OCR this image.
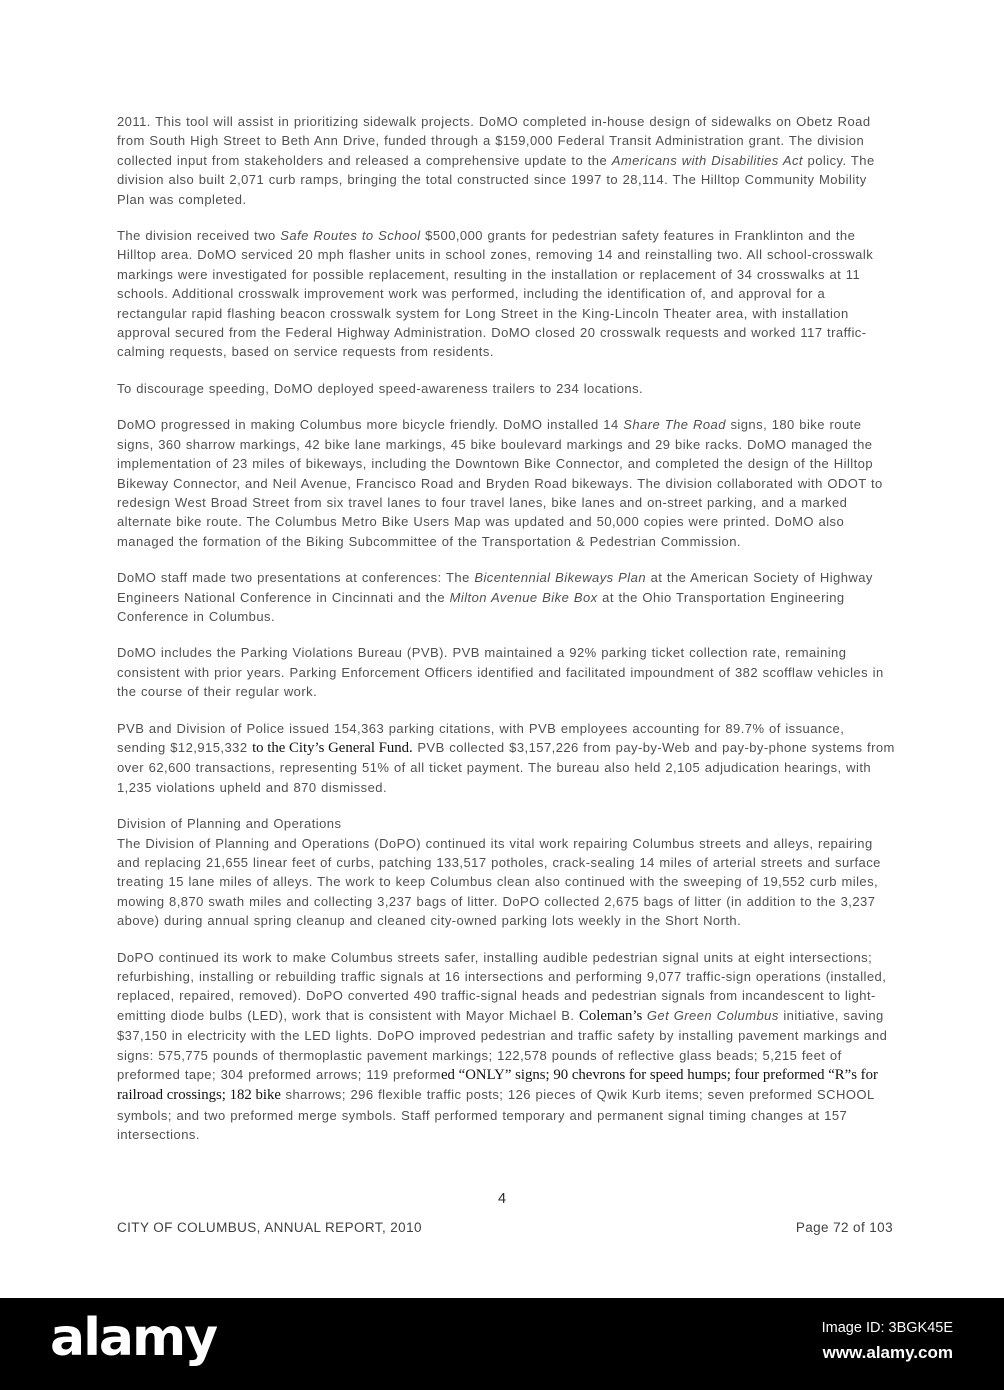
2011. This tool will assist in prioritizing sidewalk projects. DoMO completed in-house design of sidewalks on Obetz Road from South High Street to Beth Ann Drive, funded through a $159,000 Federal Transit Administration grant. The division collected input from stakeholders and released a comprehensive update to the Americans with Disabilities Act policy. The division also built 2,071 curb ramps, bringing the total constructed since 1997 to 28,114. The Hilltop Community Mobility Plan was completed.

The division received two Safe Routes to School $500,000 grants for pedestrian safety features in Franklinton and the Hilltop area. DoMO serviced 20 mph flasher units in school zones, removing 14 and reinstalling two. All school-crosswalk markings were investigated for possible replacement, resulting in the installation or replacement of 34 crosswalks at 11 schools. Additional crosswalk improvement work was performed, including the identification of, and approval for a rectangular rapid flashing beacon crosswalk system for Long Street in the King-Lincoln Theater area, with installation approval secured from the Federal Highway Administration. DoMO closed 20 crosswalk requests and worked 117 traffic-calming requests, based on service requests from residents.

To discourage speeding, DoMO deployed speed-awareness trailers to 234 locations.

DoMO progressed in making Columbus more bicycle friendly. DoMO installed 14 Share The Road signs, 180 bike route signs, 360 sharrow markings, 42 bike lane markings, 45 bike boulevard markings and 29 bike racks. DoMO managed the implementation of 23 miles of bikeways, including the Downtown Bike Connector, and completed the design of the Hilltop Bikeway Connector, and Neil Avenue, Francisco Road and Bryden Road bikeways. The division collaborated with ODOT to redesign West Broad Street from six travel lanes to four travel lanes, bike lanes and on-street parking, and a marked alternate bike route. The Columbus Metro Bike Users Map was updated and 50,000 copies were printed. DoMO also managed the formation of the Biking Subcommittee of the Transportation & Pedestrian Commission.

DoMO staff made two presentations at conferences: The Bicentennial Bikeways Plan at the American Society of Highway Engineers National Conference in Cincinnati and the Milton Avenue Bike Box at the Ohio Transportation Engineering Conference in Columbus.

DoMO includes the Parking Violations Bureau (PVB). PVB maintained a 92% parking ticket collection rate, remaining consistent with prior years. Parking Enforcement Officers identified and facilitated impoundment of 382 scofflaw vehicles in the course of their regular work.

PVB and Division of Police issued 154,363 parking citations, with PVB employees accounting for 89.7% of issuance, sending $12,915,332 to the City’s General Fund. PVB collected $3,157,226 from pay-by-Web and pay-by-phone systems from over 62,600 transactions, representing 51% of all ticket payment. The bureau also held 2,105 adjudication hearings, with 1,235 violations upheld and 870 dismissed.

Division of Planning and Operations

The Division of Planning and Operations (DoPO) continued its vital work repairing Columbus streets and alleys, repairing and replacing 21,655 linear feet of curbs, patching 133,517 potholes, crack-sealing 14 miles of arterial streets and surface treating 15 lane miles of alleys. The work to keep Columbus clean also continued with the sweeping of 19,552 curb miles, mowing 8,870 swath miles and collecting 3,237 bags of litter. DoPO collected 2,675 bags of litter (in addition to the 3,237 above) during annual spring cleanup and cleaned city-owned parking lots weekly in the Short North.

DoPO continued its work to make Columbus streets safer, installing audible pedestrian signal units at eight intersections; refurbishing, installing or rebuilding traffic signals at 16 intersections and performing 9,077 traffic-sign operations (installed, replaced, repaired, removed). DoPO converted 490 traffic-signal heads and pedestrian signals from incandescent to light-emitting diode bulbs (LED), work that is consistent with Mayor Michael B. Coleman’s Get Green Columbus initiative, saving $37,150 in electricity with the LED lights. DoPO improved pedestrian and traffic safety by installing pavement markings and signs: 575,775 pounds of thermoplastic pavement markings; 122,578 pounds of reflective glass beads; 5,215 feet of preformed tape; 304 preformed arrows; 119 preformed “ONLY” signs; 90 chevrons for speed humps; four preformed “R”s for railroad crossings; 182 bike sharrows; 296 flexible traffic posts; 126 pieces of Qwik Kurb items; seven preformed SCHOOL symbols; and two preformed merge symbols. Staff performed temporary and permanent signal timing changes at 157 intersections.

4
CITY OF COLUMBUS, ANNUAL REPORT, 2010	Page 72 of 103
alamy	Image ID: 3BGK45E
www.alamy.com
